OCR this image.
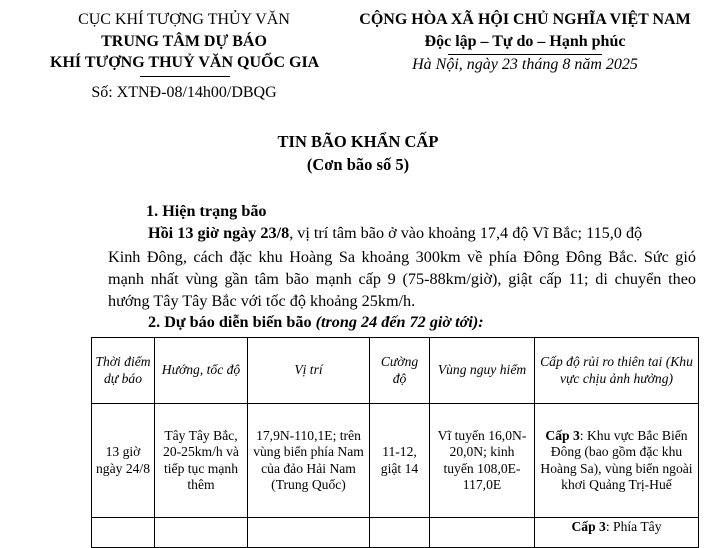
CỤC KHÍ TƯỢNG THỦY VĂN
TRUNG TÂM DỰ BÁO
KHÍ TƯỢNG THUỶ VĂN QUỐC GIA
Số: XTNĐ-08/14h00/DBQG
CỘNG HÒA XÃ HỘI CHỦ NGHĨA VIỆT NAM
Độc lập – Tự do – Hạnh phúc
Hà Nội, ngày 23 tháng 8 năm 2025
TIN BÃO KHẨN CẤP
(Cơn bão số 5)
1. Hiện trạng bão
Hồi 13 giờ ngày 23/8, vị trí tâm bão ở vào khoảng 17,4 độ Vĩ Bắc; 115,0 độ
Kinh Đông, cách đặc khu Hoàng Sa khoảng 300km về phía Đông Đông Bắc. Sức gió
mạnh nhất vùng gần tâm bão mạnh cấp 9 (75-88km/giờ), giật cấp 11; di chuyển theo
hướng Tây Tây Bắc với tốc độ khoảng 25km/h.
2. Dự báo diễn biến bão (trong 24 đến 72 giờ tới):
Thời điểm dự báo	Hướng, tốc độ	Vị trí	Cường độ	Vùng nguy hiểm	Cấp độ rủi ro thiên tai (Khu vực chịu ảnh hưởng)
13 giờ ngày 24/8	Tây Tây Bắc, 20-25km/h và tiếp tục mạnh thêm	17,9N-110,1E; trên vùng biển phía Nam của đảo Hải Nam (Trung Quốc)	11-12, giật 14	Vĩ tuyến 16,0N-20,0N; kinh tuyến 108,0E-117,0E	Cấp 3: Khu vực Bắc Biển Đông (bao gồm đặc khu Hoàng Sa), vùng biển ngoài khơi Quảng Trị-Huế
					Cấp 3: Phía Tây
